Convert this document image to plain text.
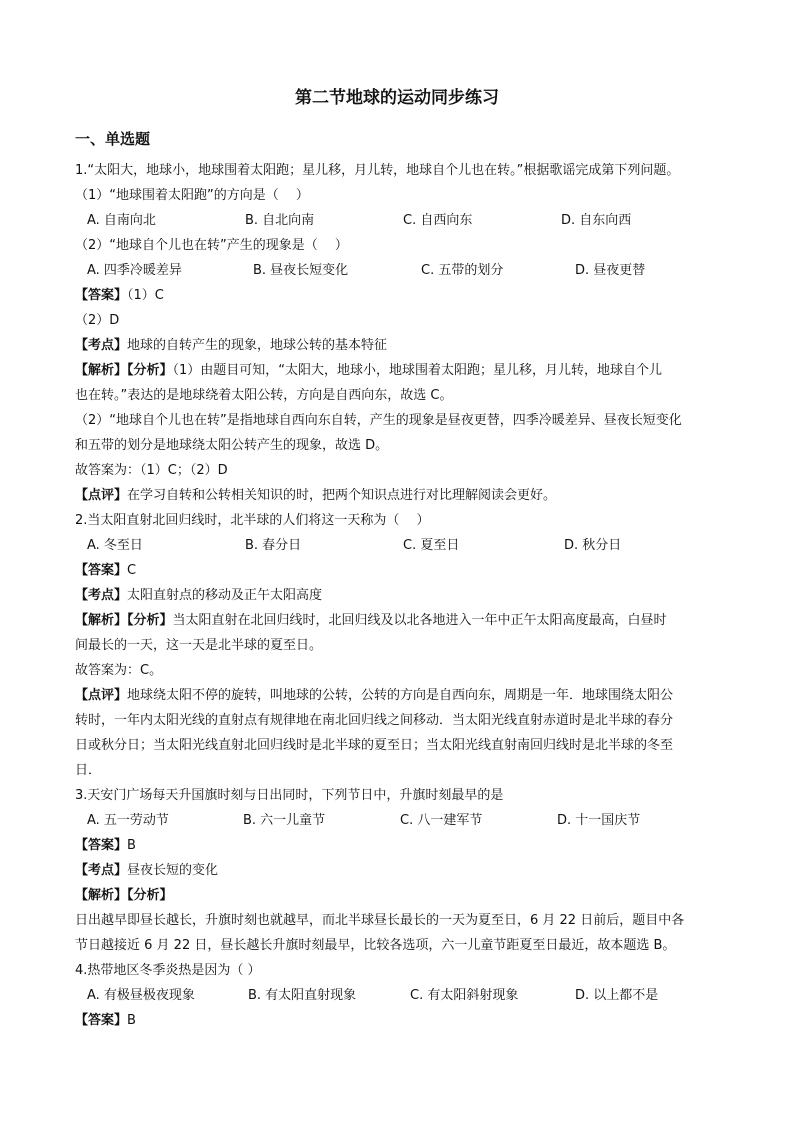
第二节地球的运动同步练习
一、单选题
1.“太阳大，地球小，地球围着太阳跑；星儿移，月儿转，地球自个儿也在转。”根据歌谣完成第下列问题。
（1）“地球围着太阳跑”的方向是（　 ）
A. 自南向北	B. 自北向南	C. 自西向东	D. 自东向西
（2）“地球自个儿也在转”产生的现象是（　 ）
A. 四季冷暖差异	B. 昼夜长短变化	C. 五带的划分	D. 昼夜更替
【答案】（1）C
（2）D
【考点】地球的自转产生的现象，地球公转的基本特征
【解析】【分析】（1）由题目可知，“太阳大，地球小，地球围着太阳跑；星儿移，月儿转，地球自个儿
也在转。”表达的是地球绕着太阳公转，方向是自西向东，故选 C。
（2）“地球自个儿也在转”是指地球自西向东自转，产生的现象是昼夜更替，四季冷暖差异、昼夜长短变化
和五带的划分是地球绕太阳公转产生的现象，故选 D。
故答案为：（1）C；（2）D
【点评】在学习自转和公转相关知识的时，把两个知识点进行对比理解阅读会更好。
2.当太阳直射北回归线时，北半球的人们将这一天称为（　 ）
A. 冬至日	B. 春分日	C. 夏至日	D. 秋分日
【答案】C
【考点】太阳直射点的移动及正午太阳高度
【解析】【分析】当太阳直射在北回归线时，北回归线及以北各地进入一年中正午太阳高度最高，白昼时
间最长的一天，这一天是北半球的夏至日。
故答案为：C。
【点评】地球绕太阳不停的旋转，叫地球的公转，公转的方向是自西向东，周期是一年．地球围绕太阳公
转时，一年内太阳光线的直射点有规律地在南北回归线之间移动．当太阳光线直射赤道时是北半球的春分
日或秋分日；当太阳光线直射北回归线时是北半球的夏至日；当太阳光线直射南回归线时是北半球的冬至
日．
3.天安门广场每天升国旗时刻与日出同时，下列节日中，升旗时刻最早的是
A. 五一劳动节	B. 六一儿童节	C. 八一建军节	D. 十一国庆节
【答案】B
【考点】昼夜长短的变化
【解析】【分析】
日出越早即昼长越长，升旗时刻也就越早，而北半球昼长最长的一天为夏至日，6 月 22 日前后，题目中各
节日越接近 6 月 22 日，昼长越长升旗时刻最早，比较各选项，六一儿童节距夏至日最近，故本题选 B。
4.热带地区冬季炎热是因为（ ）
A. 有极昼极夜现象	B. 有太阳直射现象	C. 有太阳斜射现象	D. 以上都不是
【答案】B
